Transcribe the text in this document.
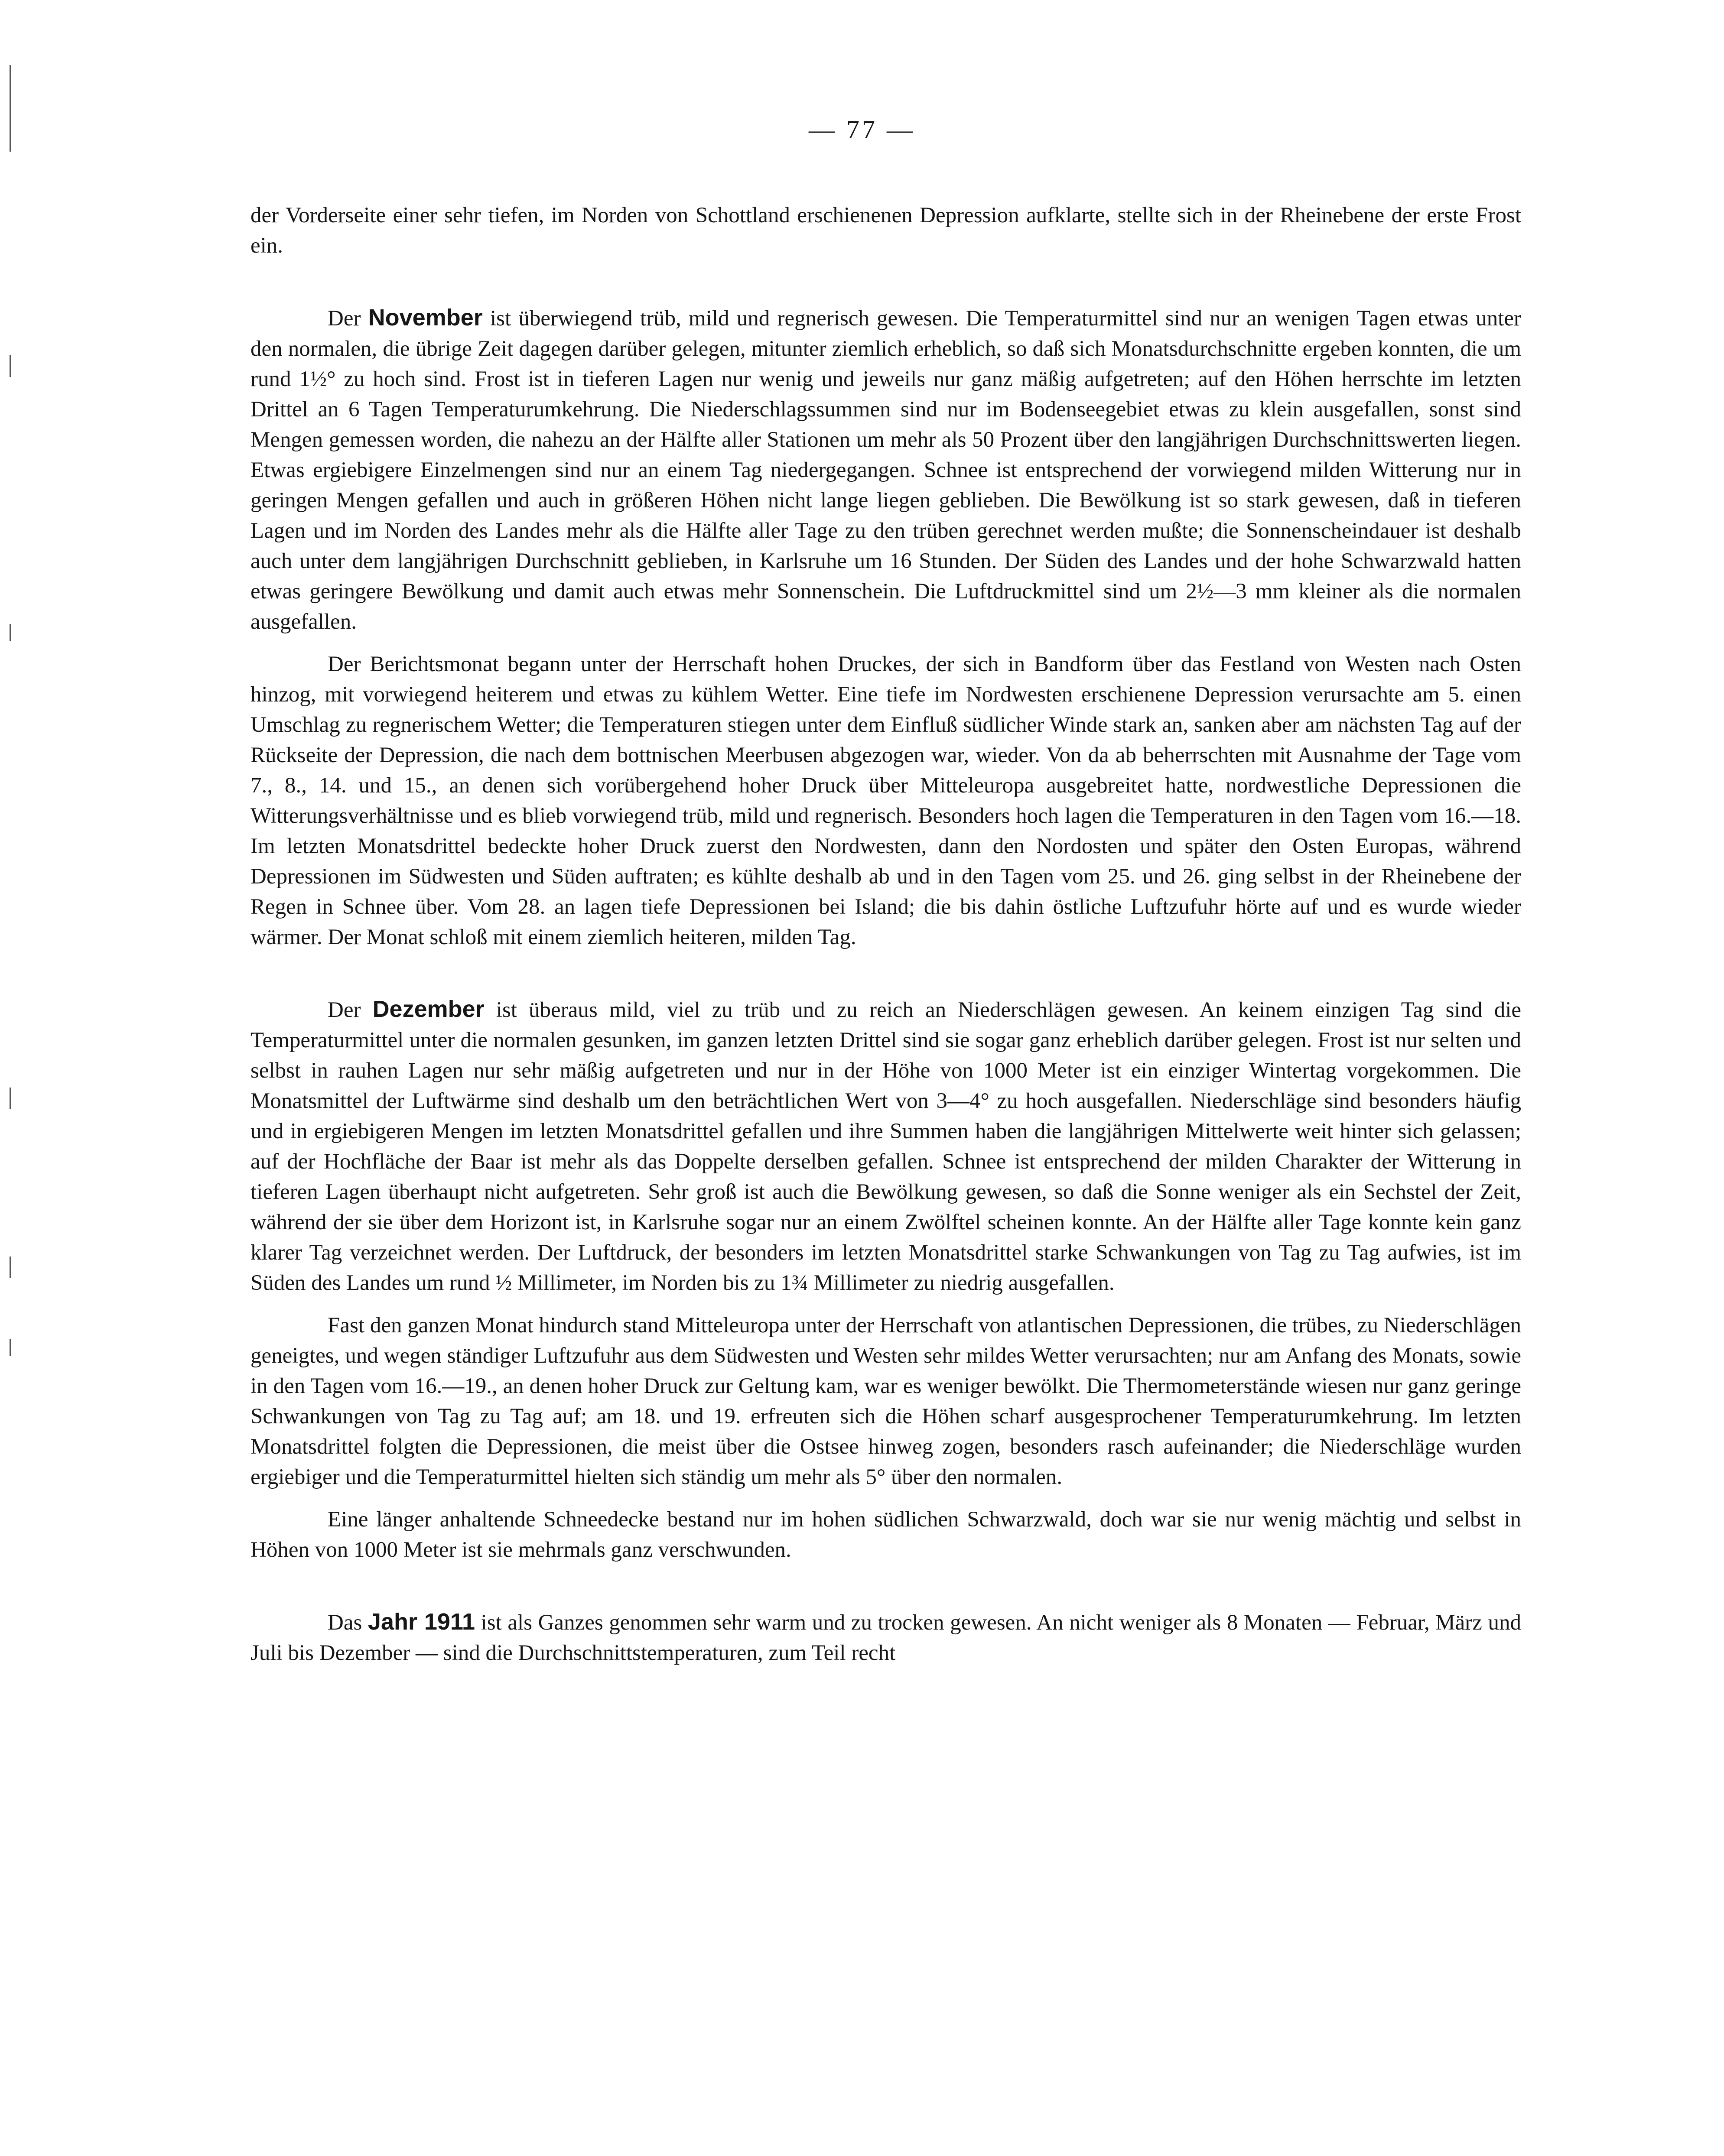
— 77 —

der Vorderseite einer sehr tiefen, im Norden von Schottland erschienenen Depression aufklarte, stellte sich in der Rheinebene der erste Frost ein.

Der November ist überwiegend trüb, mild und regnerisch gewesen. Die Temperaturmittel sind nur an wenigen Tagen etwas unter den normalen, die übrige Zeit dagegen darüber gelegen, mitunter ziemlich erheblich, so daß sich Monatsdurchschnitte ergeben konnten, die um rund 1½° zu hoch sind. Frost ist in tieferen Lagen nur wenig und jeweils nur ganz mäßig aufgetreten; auf den Höhen herrschte im letzten Drittel an 6 Tagen Temperaturumkehrung. Die Niederschlagssummen sind nur im Bodenseegebiet etwas zu klein ausgefallen, sonst sind Mengen gemessen worden, die nahezu an der Hälfte aller Stationen um mehr als 50 Prozent über den langjährigen Durchschnittswerten liegen. Etwas ergiebigere Einzelmengen sind nur an einem Tag niedergegangen. Schnee ist entsprechend der vorwiegend milden Witterung nur in geringen Mengen gefallen und auch in größeren Höhen nicht lange liegen geblieben. Die Bewölkung ist so stark gewesen, daß in tieferen Lagen und im Norden des Landes mehr als die Hälfte aller Tage zu den trüben gerechnet werden mußte; die Sonnenscheindauer ist deshalb auch unter dem langjährigen Durchschnitt geblieben, in Karlsruhe um 16 Stunden. Der Süden des Landes und der hohe Schwarzwald hatten etwas geringere Bewölkung und damit auch etwas mehr Sonnenschein. Die Luftdruckmittel sind um 2½—3 mm kleiner als die normalen ausgefallen.

Der Berichtsmonat begann unter der Herrschaft hohen Druckes, der sich in Bandform über das Festland von Westen nach Osten hinzog, mit vorwiegend heiterem und etwas zu kühlem Wetter. Eine tiefe im Nordwesten erschienene Depression verursachte am 5. einen Umschlag zu regnerischem Wetter; die Temperaturen stiegen unter dem Einfluß südlicher Winde stark an, sanken aber am nächsten Tag auf der Rückseite der Depression, die nach dem bottnischen Meerbusen abgezogen war, wieder. Von da ab beherrschten mit Ausnahme der Tage vom 7., 8., 14. und 15., an denen sich vorübergehend hoher Druck über Mitteleuropa ausgebreitet hatte, nordwestliche Depressionen die Witterungsverhältnisse und es blieb vorwiegend trüb, mild und regnerisch. Besonders hoch lagen die Temperaturen in den Tagen vom 16.—18. Im letzten Monatsdrittel bedeckte hoher Druck zuerst den Nordwesten, dann den Nordosten und später den Osten Europas, während Depressionen im Südwesten und Süden auftraten; es kühlte deshalb ab und in den Tagen vom 25. und 26. ging selbst in der Rheinebene der Regen in Schnee über. Vom 28. an lagen tiefe Depressionen bei Island; die bis dahin östliche Luftzufuhr hörte auf und es wurde wieder wärmer. Der Monat schloß mit einem ziemlich heiteren, milden Tag.

Der Dezember ist überaus mild, viel zu trüb und zu reich an Niederschlägen gewesen. An keinem einzigen Tag sind die Temperaturmittel unter die normalen gesunken, im ganzen letzten Drittel sind sie sogar ganz erheblich darüber gelegen. Frost ist nur selten und selbst in rauhen Lagen nur sehr mäßig aufgetreten und nur in der Höhe von 1000 Meter ist ein einziger Wintertag vorgekommen. Die Monatsmittel der Luftwärme sind deshalb um den beträchtlichen Wert von 3—4° zu hoch ausgefallen. Niederschläge sind besonders häufig und in ergiebigeren Mengen im letzten Monatsdrittel gefallen und ihre Summen haben die langjährigen Mittelwerte weit hinter sich gelassen; auf der Hochfläche der Baar ist mehr als das Doppelte derselben gefallen. Schnee ist entsprechend der milden Charakter der Witterung in tieferen Lagen überhaupt nicht aufgetreten. Sehr groß ist auch die Bewölkung gewesen, so daß die Sonne weniger als ein Sechstel der Zeit, während der sie über dem Horizont ist, in Karlsruhe sogar nur an einem Zwölftel scheinen konnte. An der Hälfte aller Tage konnte kein ganz klarer Tag verzeichnet werden. Der Luftdruck, der besonders im letzten Monatsdrittel starke Schwankungen von Tag zu Tag aufwies, ist im Süden des Landes um rund ½ Millimeter, im Norden bis zu 1¾ Millimeter zu niedrig ausgefallen.

Fast den ganzen Monat hindurch stand Mitteleuropa unter der Herrschaft von atlantischen Depressionen, die trübes, zu Niederschlägen geneigtes, und wegen ständiger Luftzufuhr aus dem Südwesten und Westen sehr mildes Wetter verursachten; nur am Anfang des Monats, sowie in den Tagen vom 16.—19., an denen hoher Druck zur Geltung kam, war es weniger bewölkt. Die Thermometerstände wiesen nur ganz geringe Schwankungen von Tag zu Tag auf; am 18. und 19. erfreuten sich die Höhen scharf ausgesprochener Temperaturumkehrung. Im letzten Monatsdrittel folgten die Depressionen, die meist über die Ostsee hinweg zogen, besonders rasch aufeinander; die Niederschläge wurden ergiebiger und die Temperaturmittel hielten sich ständig um mehr als 5° über den normalen.

Eine länger anhaltende Schneedecke bestand nur im hohen südlichen Schwarzwald, doch war sie nur wenig mächtig und selbst in Höhen von 1000 Meter ist sie mehrmals ganz verschwunden.

Das Jahr 1911 ist als Ganzes genommen sehr warm und zu trocken gewesen. An nicht weniger als 8 Monaten — Februar, März und Juli bis Dezember — sind die Durchschnittstemperaturen, zum Teil recht
